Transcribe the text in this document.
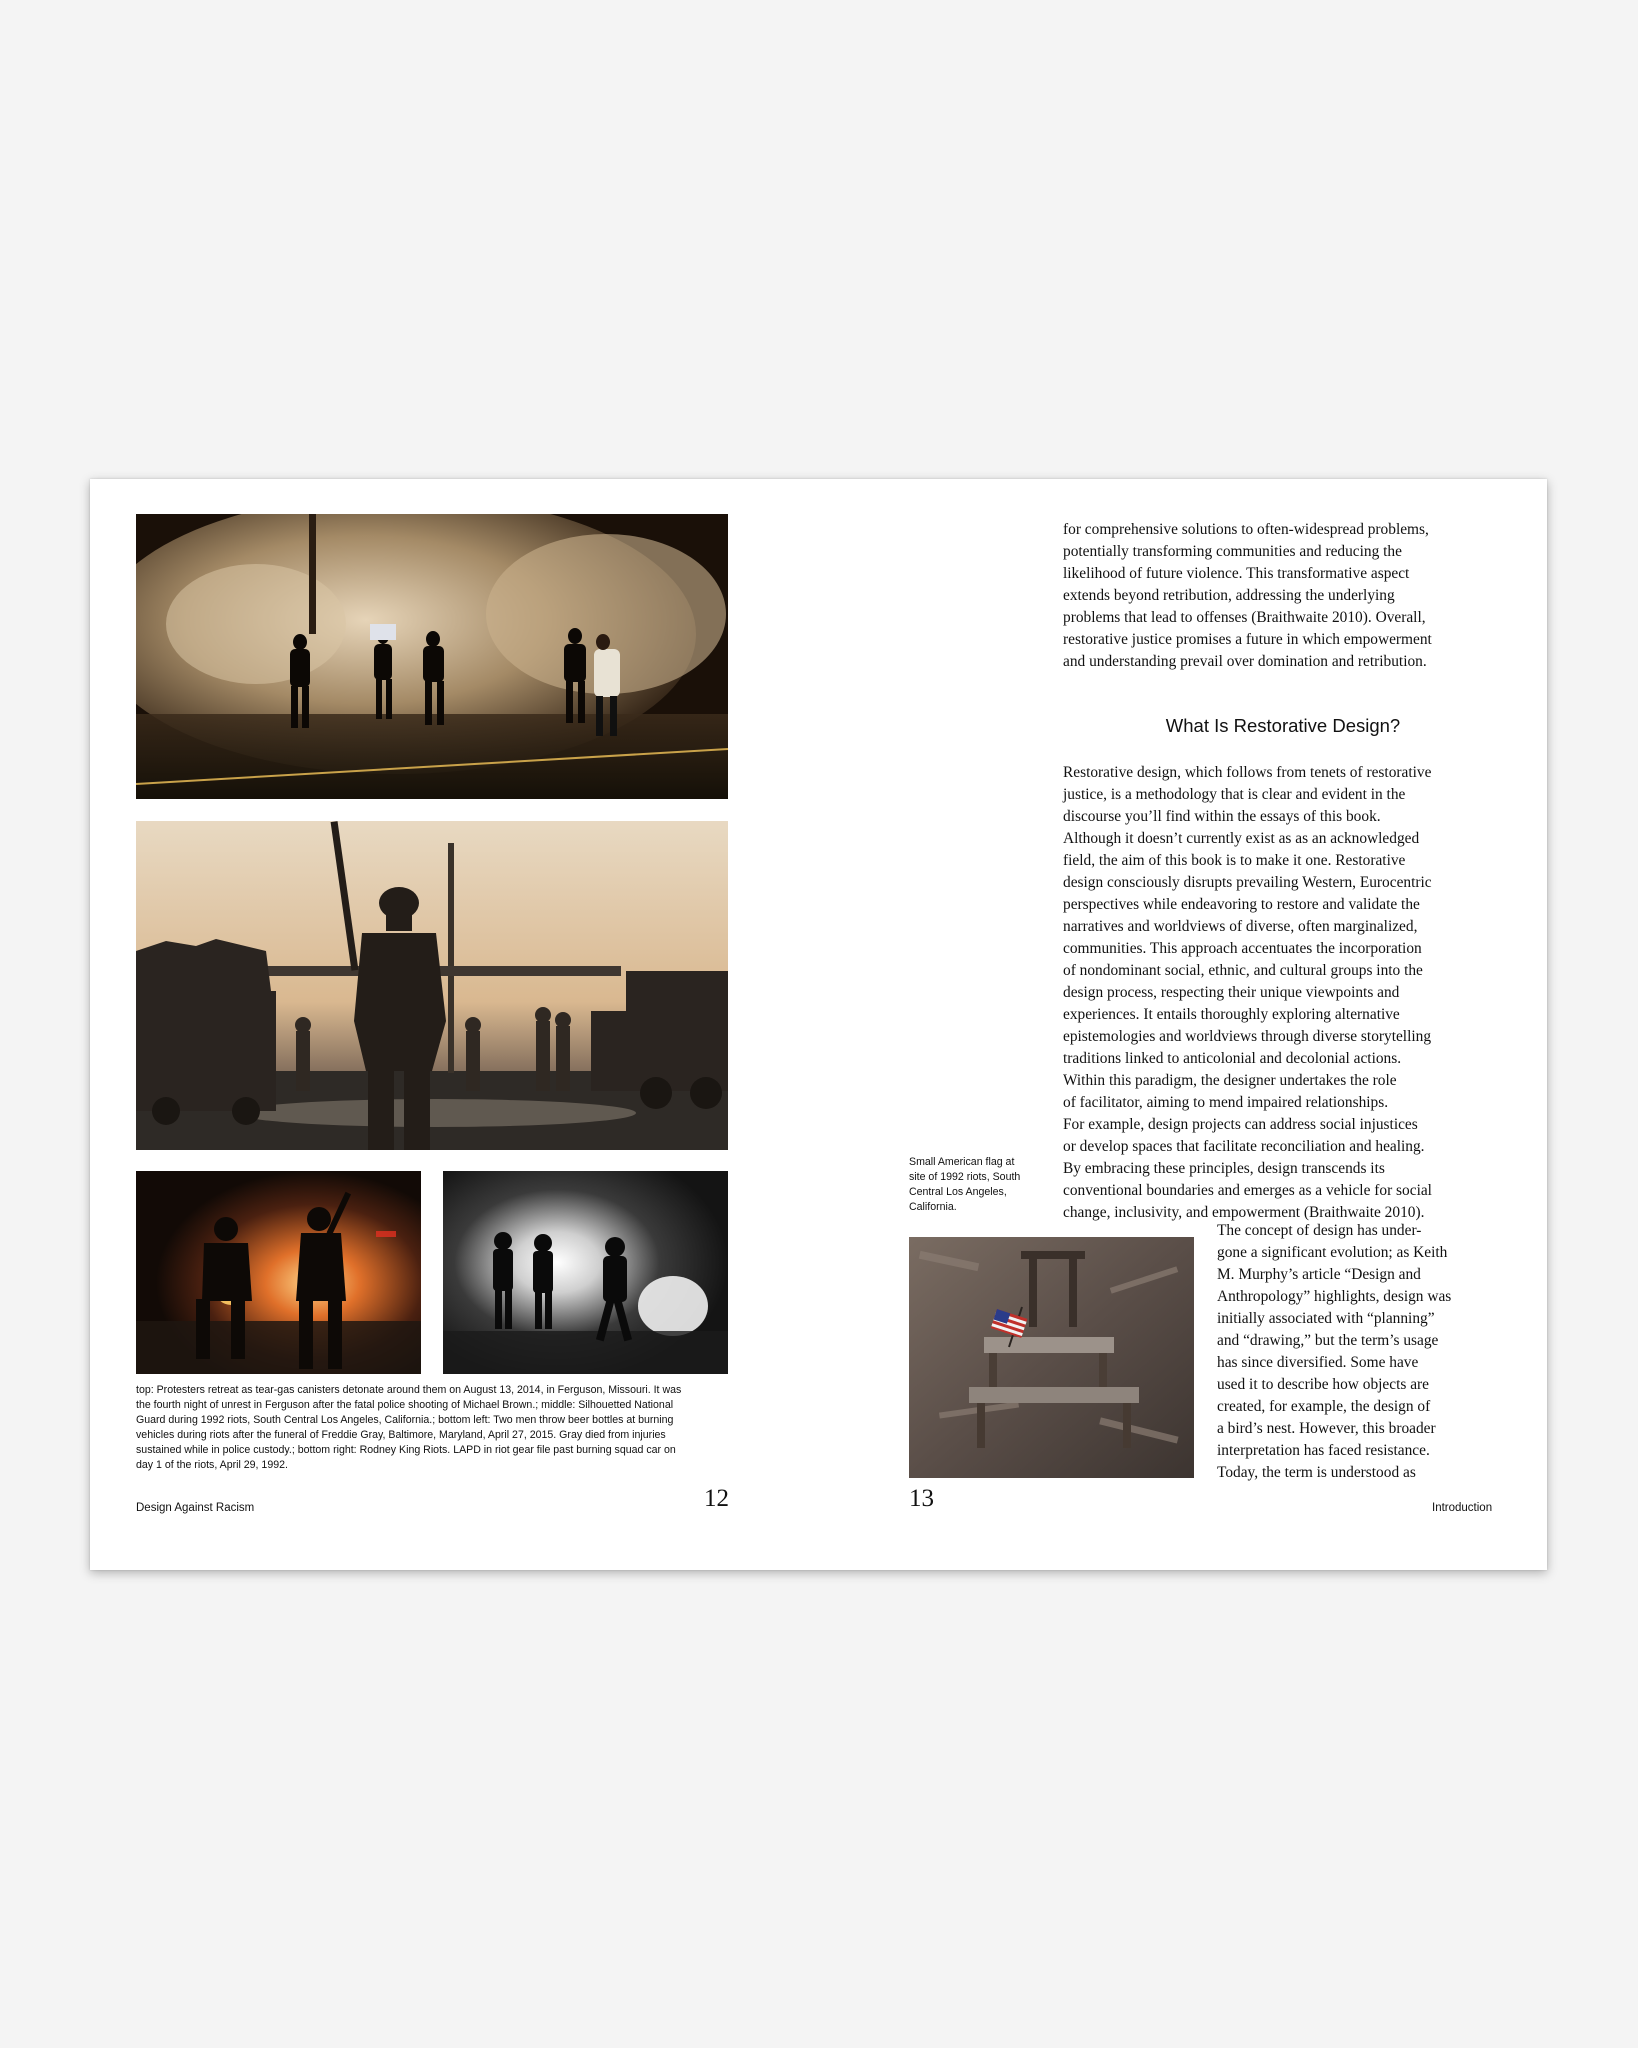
top: Protesters retreat as tear-gas canisters detonate around them on August 13, 2014, in Ferguson, Missouri. It was the fourth night of unrest in Ferguson after the fatal police shooting of Michael Brown.; middle: Silhouetted National Guard during 1992 riots, South Central Los Angeles, California.; bottom left: Two men throw beer bottles at burning vehicles during riots after the funeral of Freddie Gray, Baltimore, Maryland, April 27, 2015. Gray died from injuries sustained while in police custody.; bottom right: Rodney King Riots. LAPD in riot gear file past burning squad car on day 1 of the riots, April 29, 1992.
Design Against Racism	12

for comprehensive solutions to often-widespread problems,
potentially transforming communities and reducing the
likelihood of future violence. This transformative aspect
extends beyond retribution, addressing the underlying
problems that lead to offenses (Braithwaite 2010). Overall,
restorative justice promises a future in which empowerment
and understanding prevail over domination and retribution.

What Is Restorative Design?

Restorative design, which follows from tenets of restorative
justice, is a methodology that is clear and evident in the
discourse you’ll find within the essays of this book.
Although it doesn’t currently exist as as an acknowledged
field, the aim of this book is to make it one. Restorative
design consciously disrupts prevailing Western, Eurocentric
perspectives while endeavoring to restore and validate the
narratives and worldviews of diverse, often marginalized,
communities. This approach accentuates the incorporation
of nondominant social, ethnic, and cultural groups into the
design process, respecting their unique viewpoints and
experiences. It entails thoroughly exploring alternative
epistemologies and worldviews through diverse storytelling
traditions linked to anticolonial and decolonial actions.
Within this paradigm, the designer undertakes the role
of facilitator, aiming to mend impaired relationships.
For example, design projects can address social injustices
or develop spaces that facilitate reconciliation and healing.
By embracing these principles, design transcends its
conventional boundaries and emerges as a vehicle for social
change, inclusivity, and empowerment (Braithwaite 2010).

Small American flag at
site of 1992 riots, South
Central Los Angeles,
California.

The concept of design has under-
gone a significant evolution; as Keith
M. Murphy’s article “Design and
Anthropology” highlights, design was
initially associated with “planning”
and “drawing,” but the term’s usage
has since diversified. Some have
used it to describe how objects are
created, for example, the design of
a bird’s nest. However, this broader
interpretation has faced resistance.
Today, the term is understood as

13	Introduction
